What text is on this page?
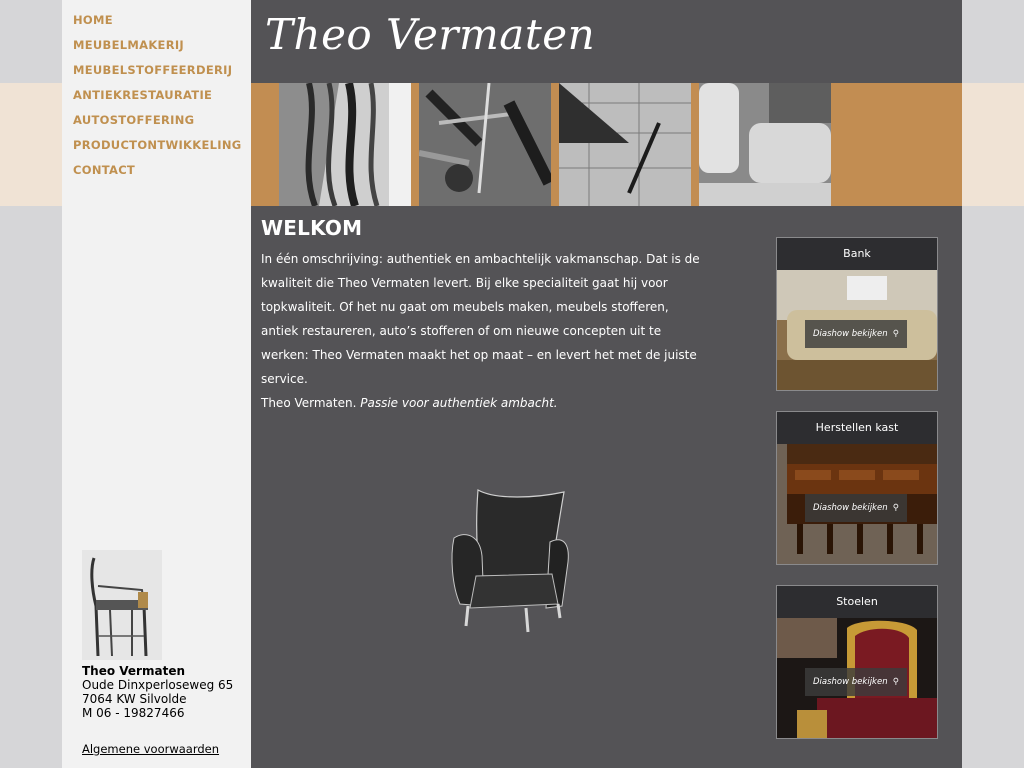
HOME
MEUBELMAKERIJ
MEUBELSTOFFEERDERIJ
ANTIEKRESTAURATIE
AUTOSTOFFERING
PRODUCTONTWIKKELING
CONTACT
Theo Vermaten
Oude Dinxperloseweg 65
7064 KW Silvolde
M 06 - 19827466
Algemene voorwaarden
Theo Vermaten
WELKOM

In één omschrijving: authentiek en ambachtelijk vakmanschap. Dat is de kwaliteit die Theo Vermaten levert. Bij elke specialiteit gaat hij voor topkwaliteit. Of het nu gaat om meubels maken, meubels stofferen, antiek restaureren, auto’s stofferen of om nieuwe concepten uit te werken: Theo Vermaten maakt het op maat – en levert het met de juiste service.

Theo Vermaten. Passie voor authentiek ambacht.

Bank
Diashow bekijken ⚲
Herstellen kast
Diashow bekijken ⚲
Stoelen
Diashow bekijken ⚲
